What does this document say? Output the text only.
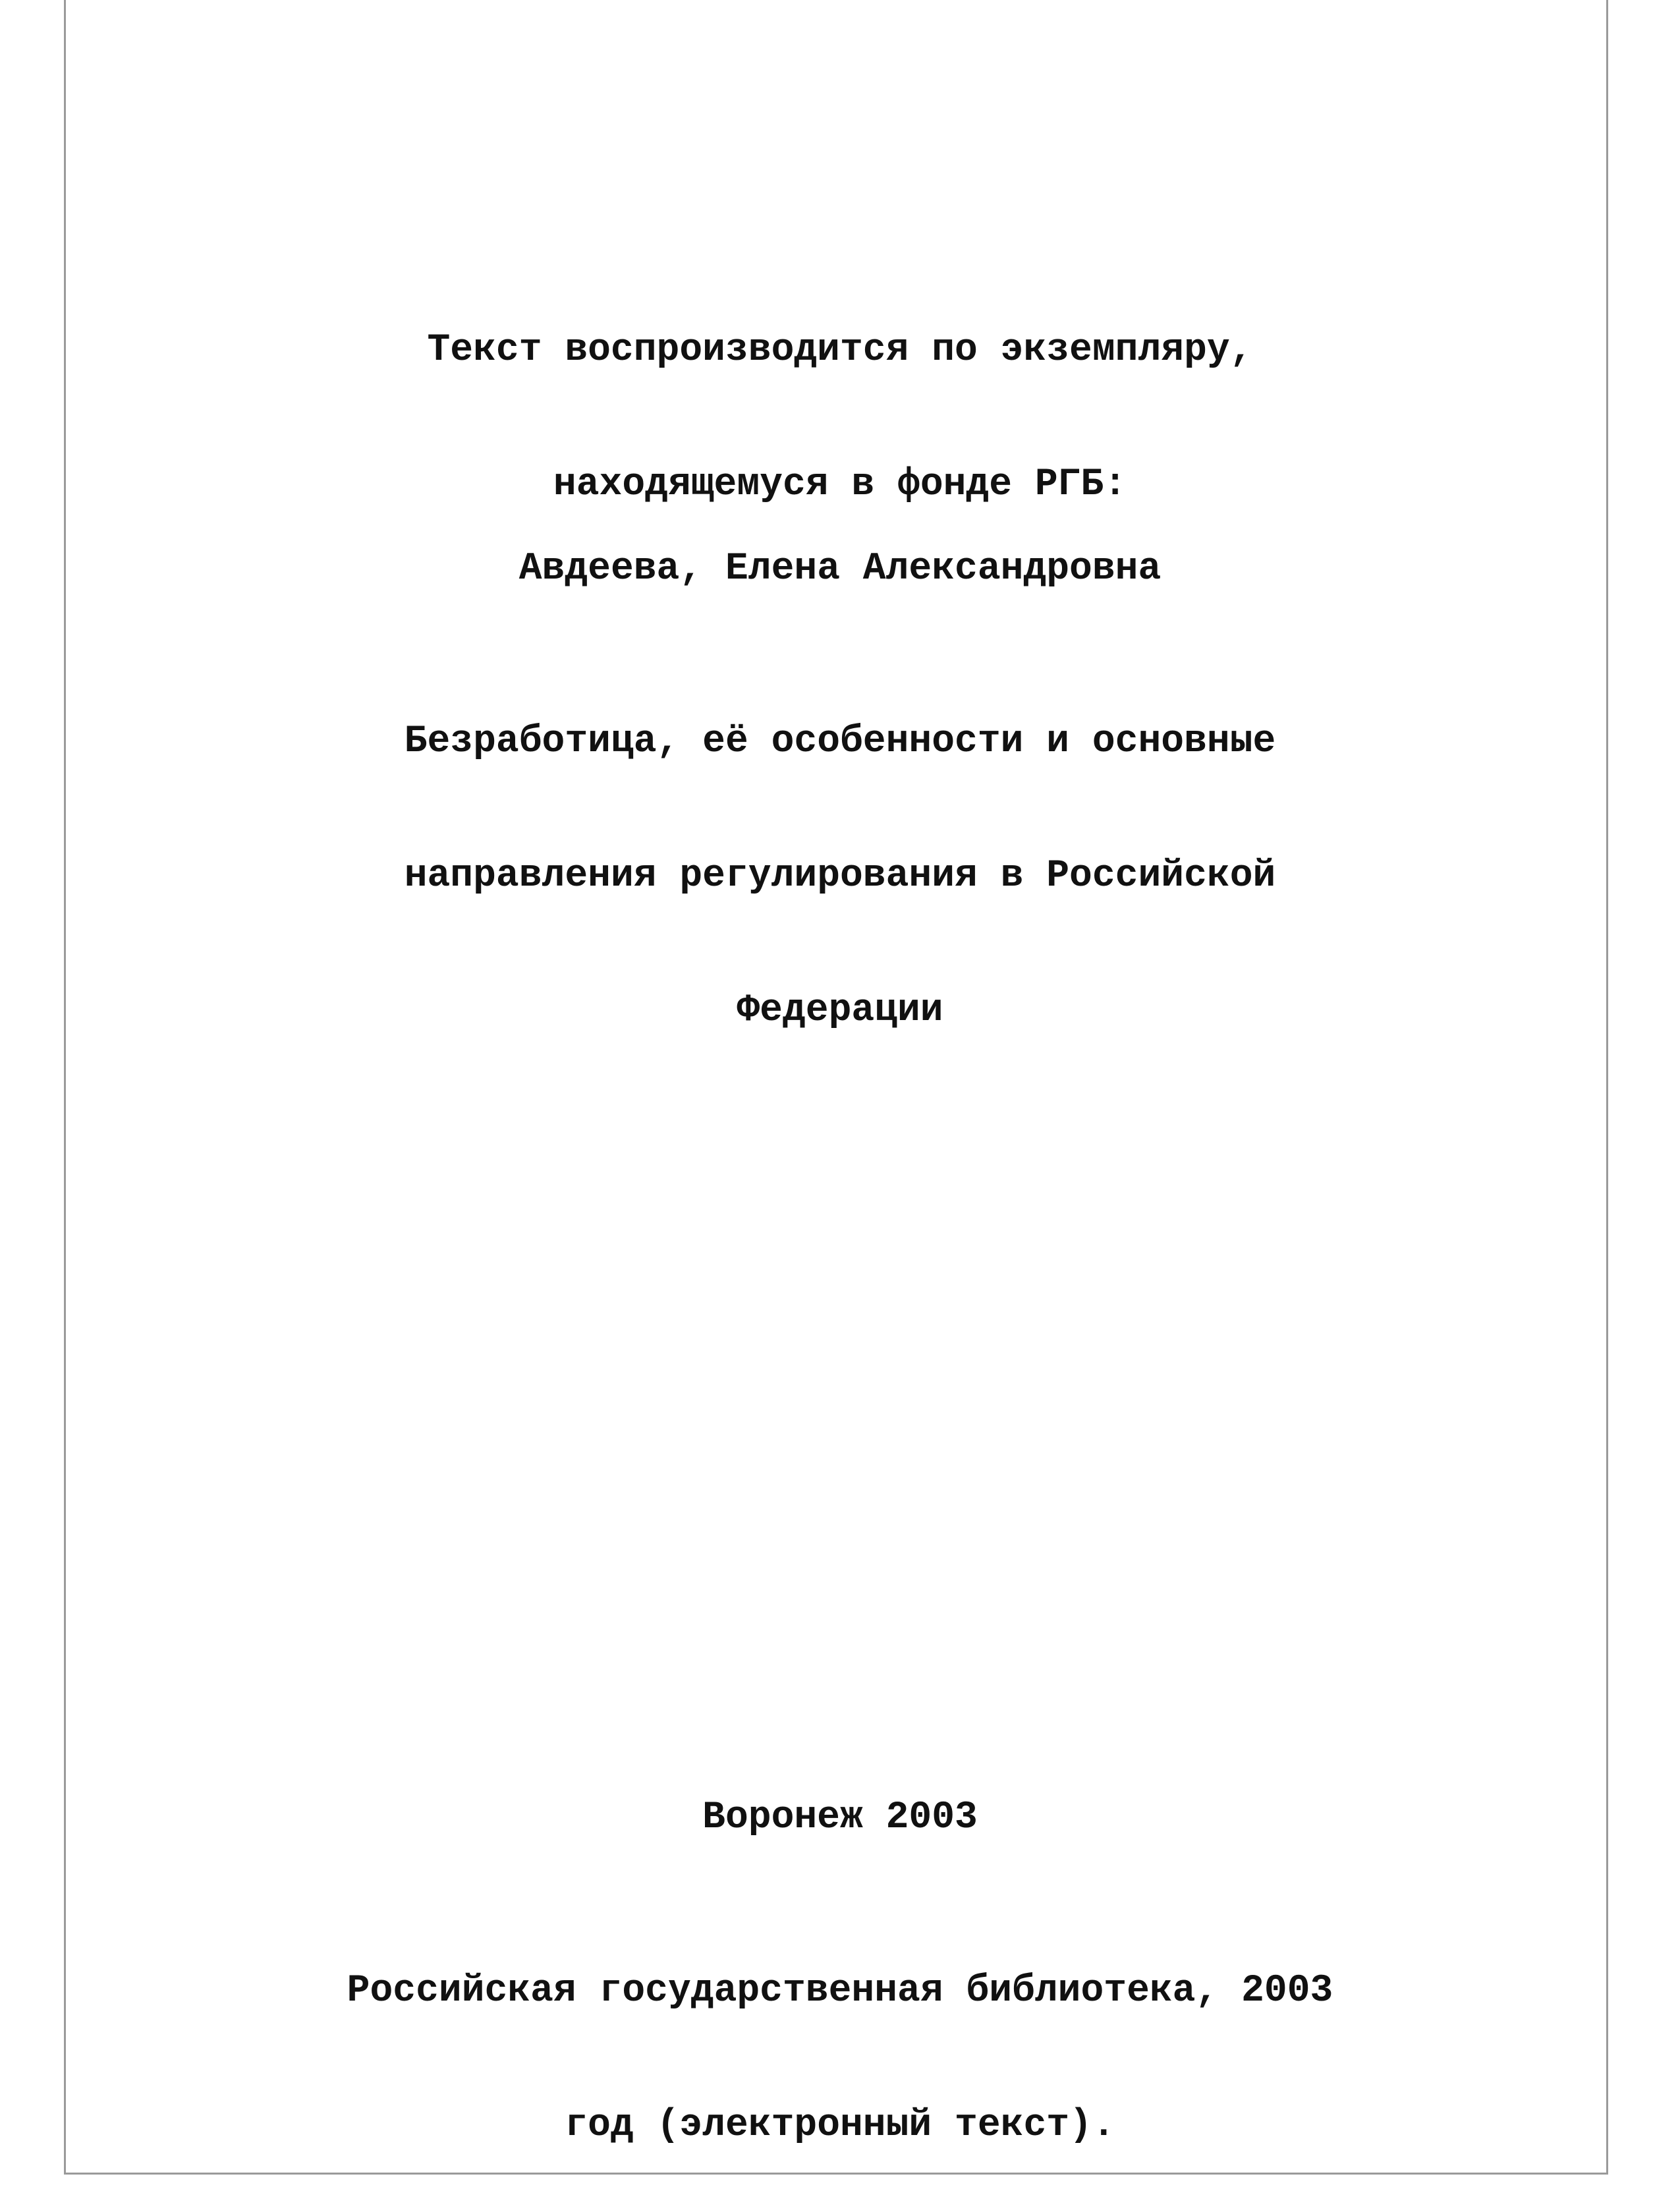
Текст воспроизводится по экземпляру,

находящемуся в фонде РГБ:

Авдеева, Елена Александровна

Безработица, её особенности и основные

направления регулирования в Российской

Федерации

Воронеж 2003

Российская государственная библиотека, 2003

год (электронный текст).
